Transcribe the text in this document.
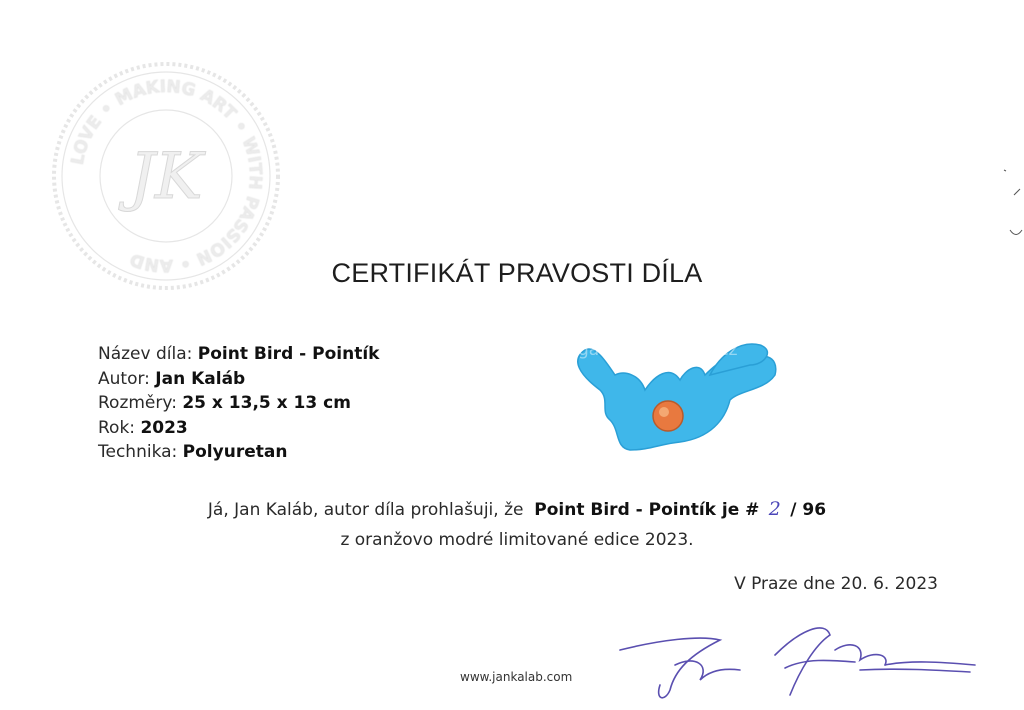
LOVE • MAKING ART • WITH PASSION • AND
JK
CERTIFIKÁT PRAVOSTI DÍLA
Název díla: Point Bird - Pointík
Autor: Jan Kaláb
Rozměry: 25 x 13,5 x 13 cm
Rok: 2023
Technika: Polyuretan
galeriesamizdat.cz
Já, Jan Kaláb, autor díla prohlašuji, že Point Bird - Pointík je # 2 / 96
z oranžovo modré limitované edice 2023.
V Praze dne 20. 6. 2023
www.jankalab.com
